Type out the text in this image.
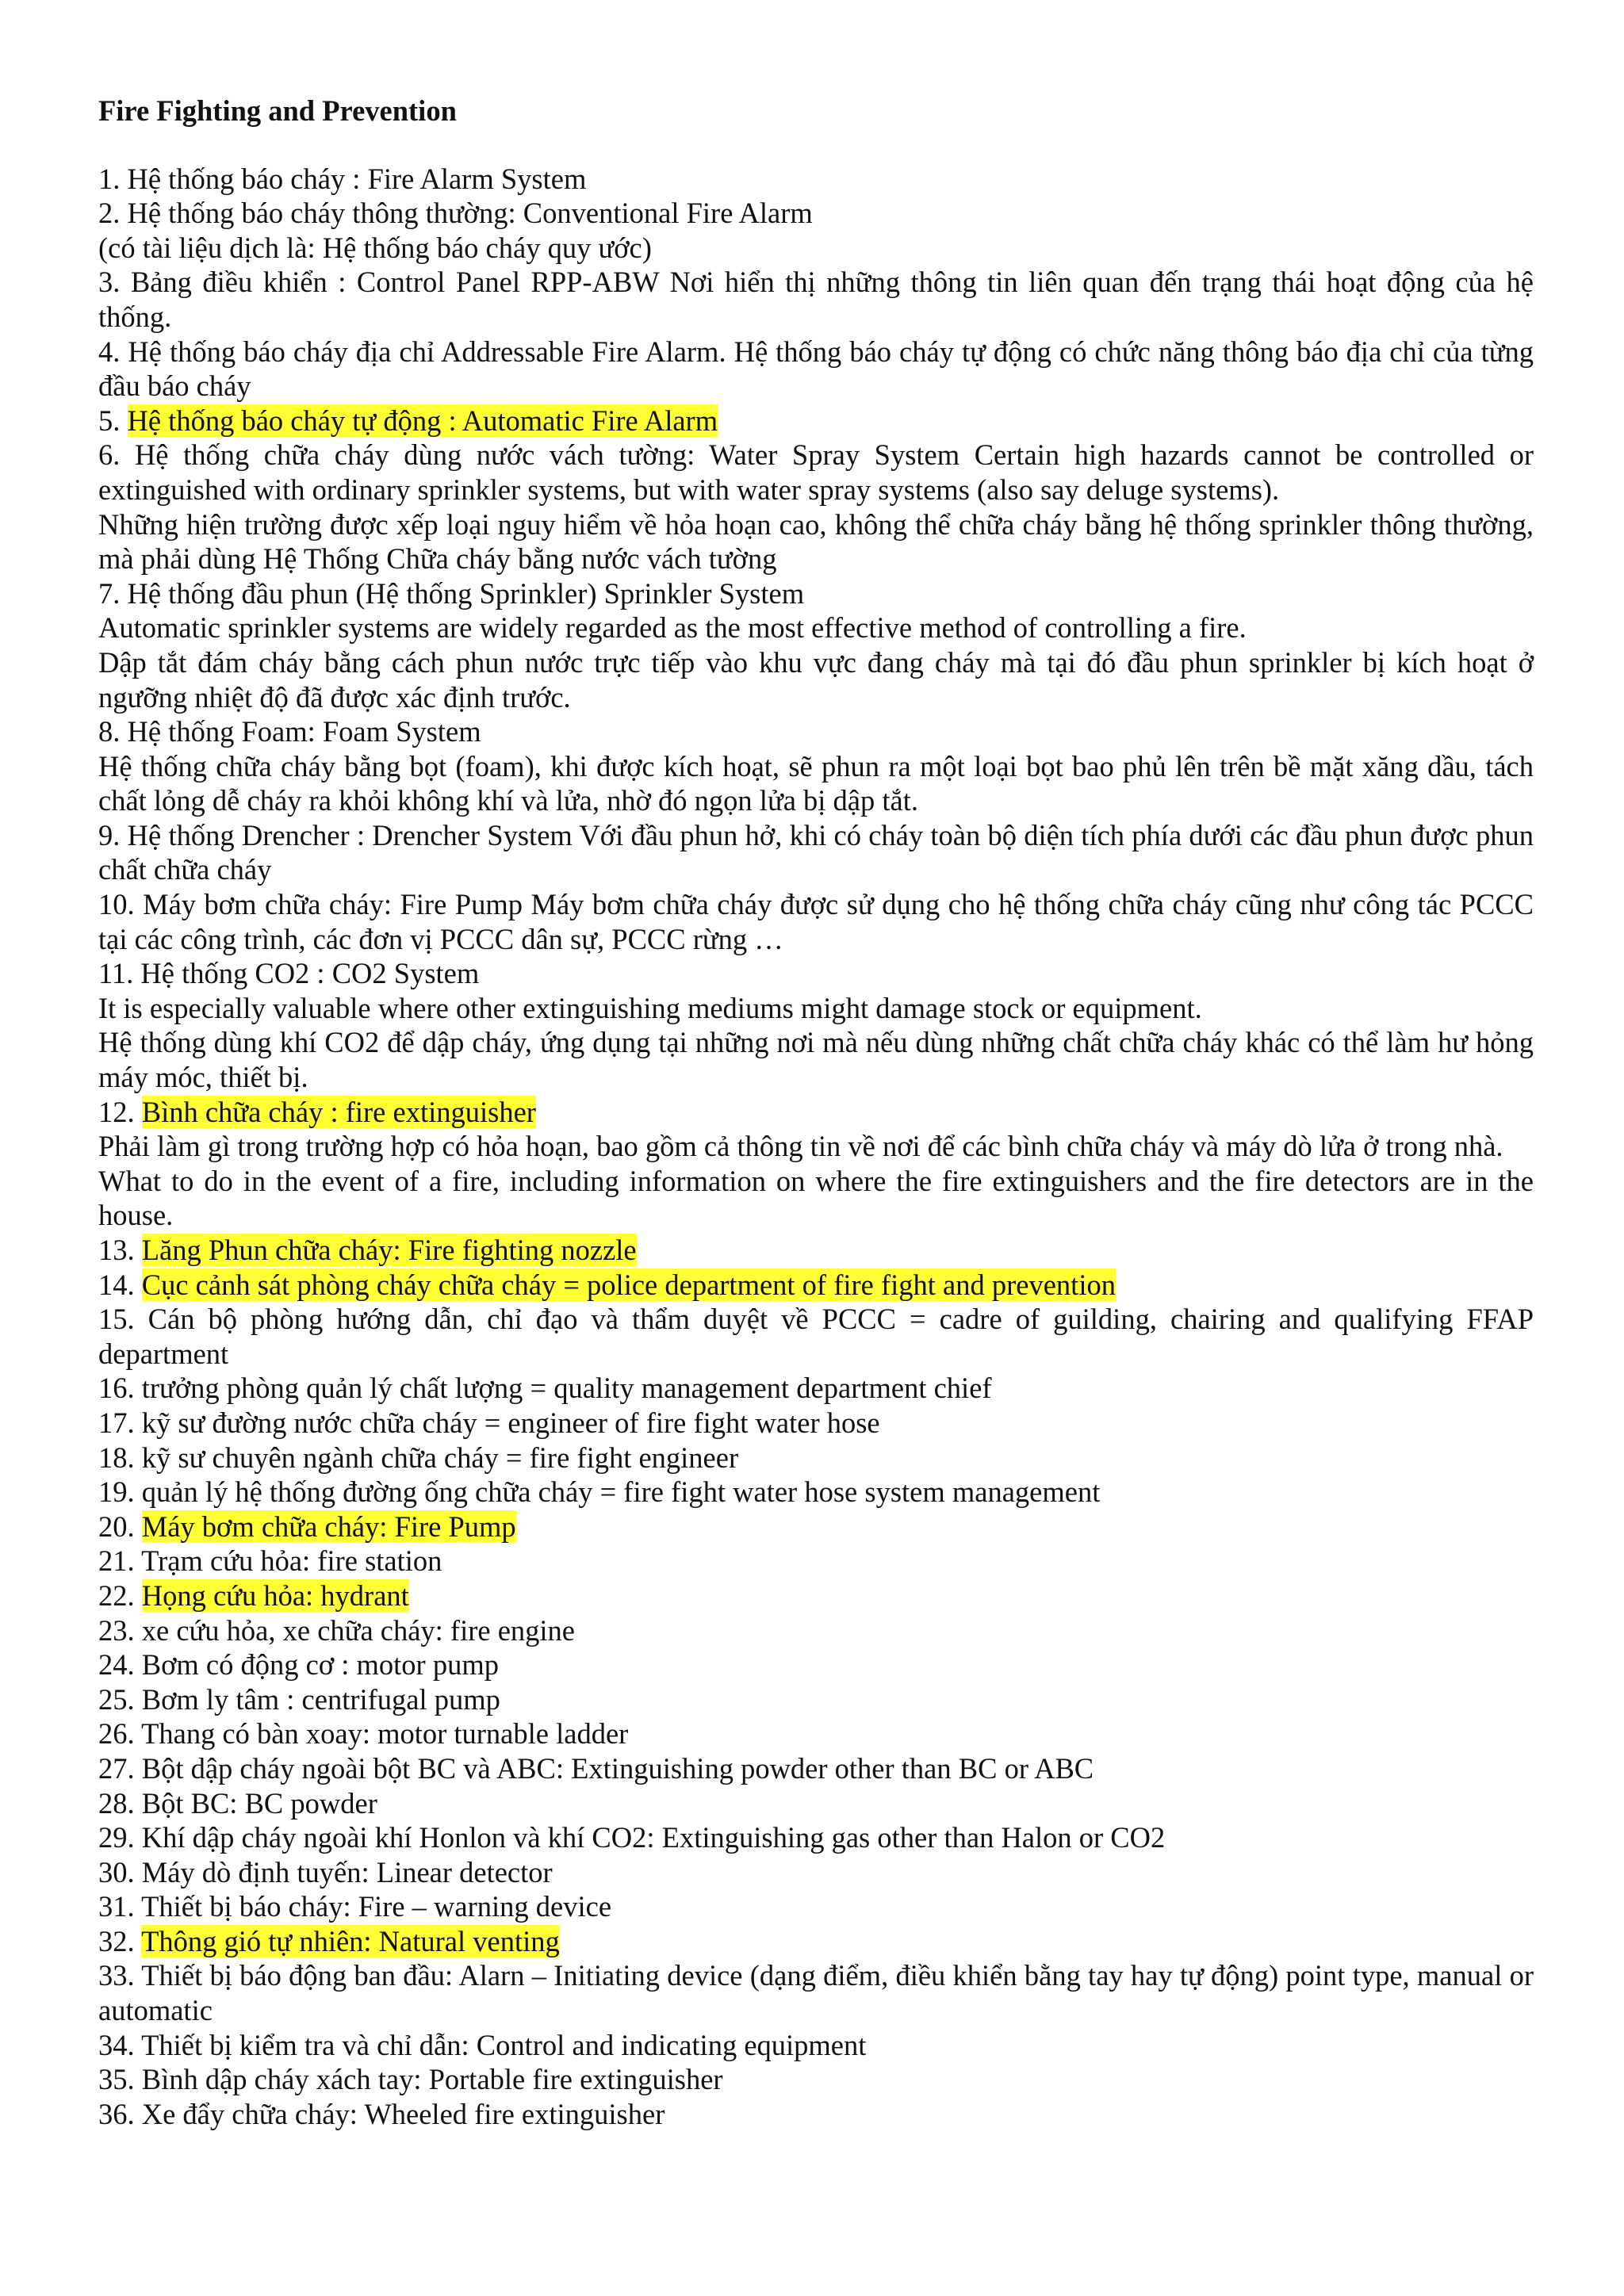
Fire Fighting and Prevention
1. Hệ thống báo cháy : Fire Alarm System
2. Hệ thống báo cháy thông thường: Conventional Fire Alarm
(có tài liệu dịch là: Hệ thống báo cháy quy ước)
3. Bảng điều khiển : Control Panel RPP-ABW Nơi hiển thị những thông tin liên quan đến trạng thái hoạt động của hệ thống.
4. Hệ thống báo cháy địa chỉ Addressable Fire Alarm. Hệ thống báo cháy tự động có chức năng thông báo địa chỉ của từng đầu báo cháy
5. Hệ thống báo cháy tự động : Automatic Fire Alarm
6. Hệ thống chữa cháy dùng nước vách tường: Water Spray System Certain high hazards cannot be controlled or extinguished with ordinary sprinkler systems, but with water spray systems (also say deluge systems).
Những hiện trường được xếp loại nguy hiểm về hỏa hoạn cao, không thể chữa cháy bằng hệ thống sprinkler thông thường, mà phải dùng Hệ Thống Chữa cháy bằng nước vách tường
7. Hệ thống đầu phun (Hệ thống Sprinkler) Sprinkler System
Automatic sprinkler systems are widely regarded as the most effective method of controlling a fire.
Dập tắt đám cháy bằng cách phun nước trực tiếp vào khu vực đang cháy mà tại đó đầu phun sprinkler bị kích hoạt ở ngưỡng nhiệt độ đã được xác định trước.
8. Hệ thống Foam: Foam System
Hệ thống chữa cháy bằng bọt (foam), khi được kích hoạt, sẽ phun ra một loại bọt bao phủ lên trên bề mặt xăng dầu, tách chất lỏng dễ cháy ra khỏi không khí và lửa, nhờ đó ngọn lửa bị dập tắt.
9. Hệ thống Drencher : Drencher System Với đầu phun hở, khi có cháy toàn bộ diện tích phía dưới các đầu phun được phun chất chữa cháy
10. Máy bơm chữa cháy: Fire Pump Máy bơm chữa cháy được sử dụng cho hệ thống chữa cháy cũng như công tác PCCC tại các công trình, các đơn vị PCCC dân sự, PCCC rừng …
11. Hệ thống CO2 : CO2 System
It is especially valuable where other extinguishing mediums might damage stock or equipment.
Hệ thống dùng khí CO2 để dập cháy, ứng dụng tại những nơi mà nếu dùng những chất chữa cháy khác có thể làm hư hỏng máy móc, thiết bị.
12. Bình chữa cháy : fire extinguisher
Phải làm gì trong trường hợp có hỏa hoạn, bao gồm cả thông tin về nơi để các bình chữa cháy và máy dò lửa ở trong nhà.
What to do in the event of a fire, including information on where the fire extinguishers and the fire detectors are in the house.
13. Lăng Phun chữa cháy: Fire fighting nozzle
14. Cục cảnh sát phòng cháy chữa cháy = police department of fire fight and prevention
15. Cán bộ phòng hướng dẫn, chỉ đạo và thẩm duyệt về PCCC = cadre of guilding, chairing and qualifying FFAP department
16. trưởng phòng quản lý chất lượng = quality management department chief
17. kỹ sư đường nước chữa cháy = engineer of fire fight water hose
18. kỹ sư chuyên ngành chữa cháy = fire fight engineer
19. quản lý hệ thống đường ống chữa cháy = fire fight water hose system management
20. Máy bơm chữa cháy: Fire Pump
21. Trạm cứu hỏa: fire station
22. Họng cứu hỏa: hydrant
23. xe cứu hỏa, xe chữa cháy: fire engine
24. Bơm có động cơ : motor pump
25. Bơm ly tâm : centrifugal pump
26. Thang có bàn xoay: motor turnable ladder
27. Bột dập cháy ngoài bột BC và ABC: Extinguishing powder other than BC or ABC
28. Bột BC: BC powder
29. Khí dập cháy ngoài khí Honlon và khí CO2: Extinguishing gas other than Halon or CO2
30. Máy dò định tuyến: Linear detector
31. Thiết bị báo cháy: Fire – warning device
32. Thông gió tự nhiên: Natural venting
33. Thiết bị báo động ban đầu: Alarn – Initiating device (dạng điểm, điều khiển bằng tay hay tự động) point type, manual or automatic
34. Thiết bị kiểm tra và chỉ dẫn: Control and indicating equipment
35. Bình dập cháy xách tay: Portable fire extinguisher
36. Xe đẩy chữa cháy: Wheeled fire extinguisher
